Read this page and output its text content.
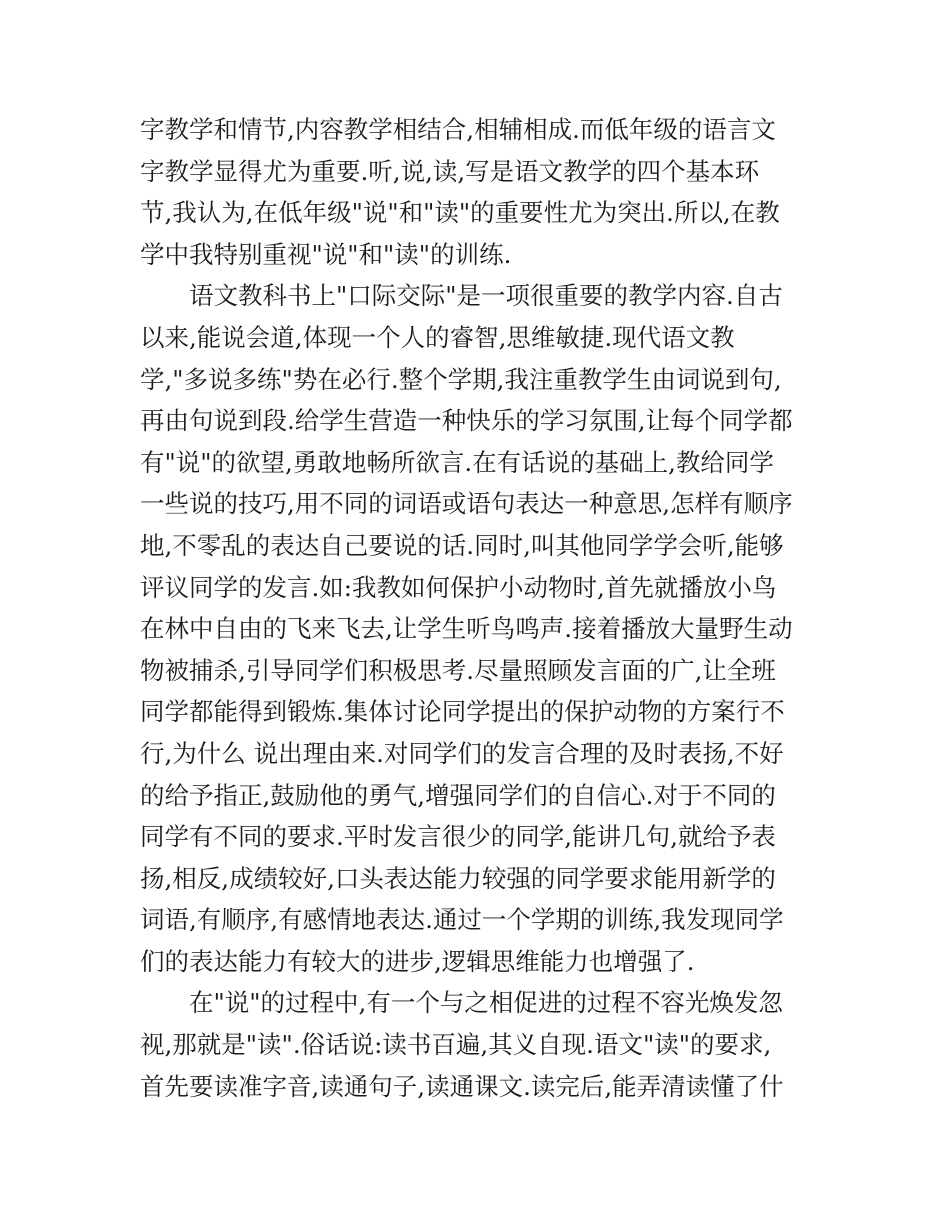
字教学和情节,内容教学相结合,相辅相成.而低年级的语言文
字教学显得尤为重要.听,说,读,写是语文教学的四个基本环
节,我认为,在低年级"说"和"读"的重要性尤为突出.所以,在教
学中我特别重视"说"和"读"的训练.
语文教科书上"口际交际"是一项很重要的教学内容.自古
以来,能说会道,体现一个人的睿智,思维敏捷.现代语文教
学,"多说多练"势在必行.整个学期,我注重教学生由词说到句,
再由句说到段.给学生营造一种快乐的学习氛围,让每个同学都
有"说"的欲望,勇敢地畅所欲言.在有话说的基础上,教给同学
一些说的技巧,用不同的词语或语句表达一种意思,怎样有顺序
地,不零乱的表达自己要说的话.同时,叫其他同学学会听,能够
评议同学的发言.如:我教如何保护小动物时,首先就播放小鸟
在林中自由的飞来飞去,让学生听鸟鸣声.接着播放大量野生动
物被捕杀,引导同学们积极思考.尽量照顾发言面的广,让全班
同学都能得到锻炼.集体讨论同学提出的保护动物的方案行不
行,为什么 说出理由来.对同学们的发言合理的及时表扬,不好
的给予指正,鼓励他的勇气,增强同学们的自信心.对于不同的
同学有不同的要求.平时发言很少的同学,能讲几句,就给予表
扬,相反,成绩较好,口头表达能力较强的同学要求能用新学的
词语,有顺序,有感情地表达.通过一个学期的训练,我发现同学
们的表达能力有较大的进步,逻辑思维能力也增强了.
在"说"的过程中,有一个与之相促进的过程不容光焕发忽
视,那就是"读".俗话说:读书百遍,其义自现.语文"读"的要求,
首先要读准字音,读通句子,读通课文.读完后,能弄清读懂了什
